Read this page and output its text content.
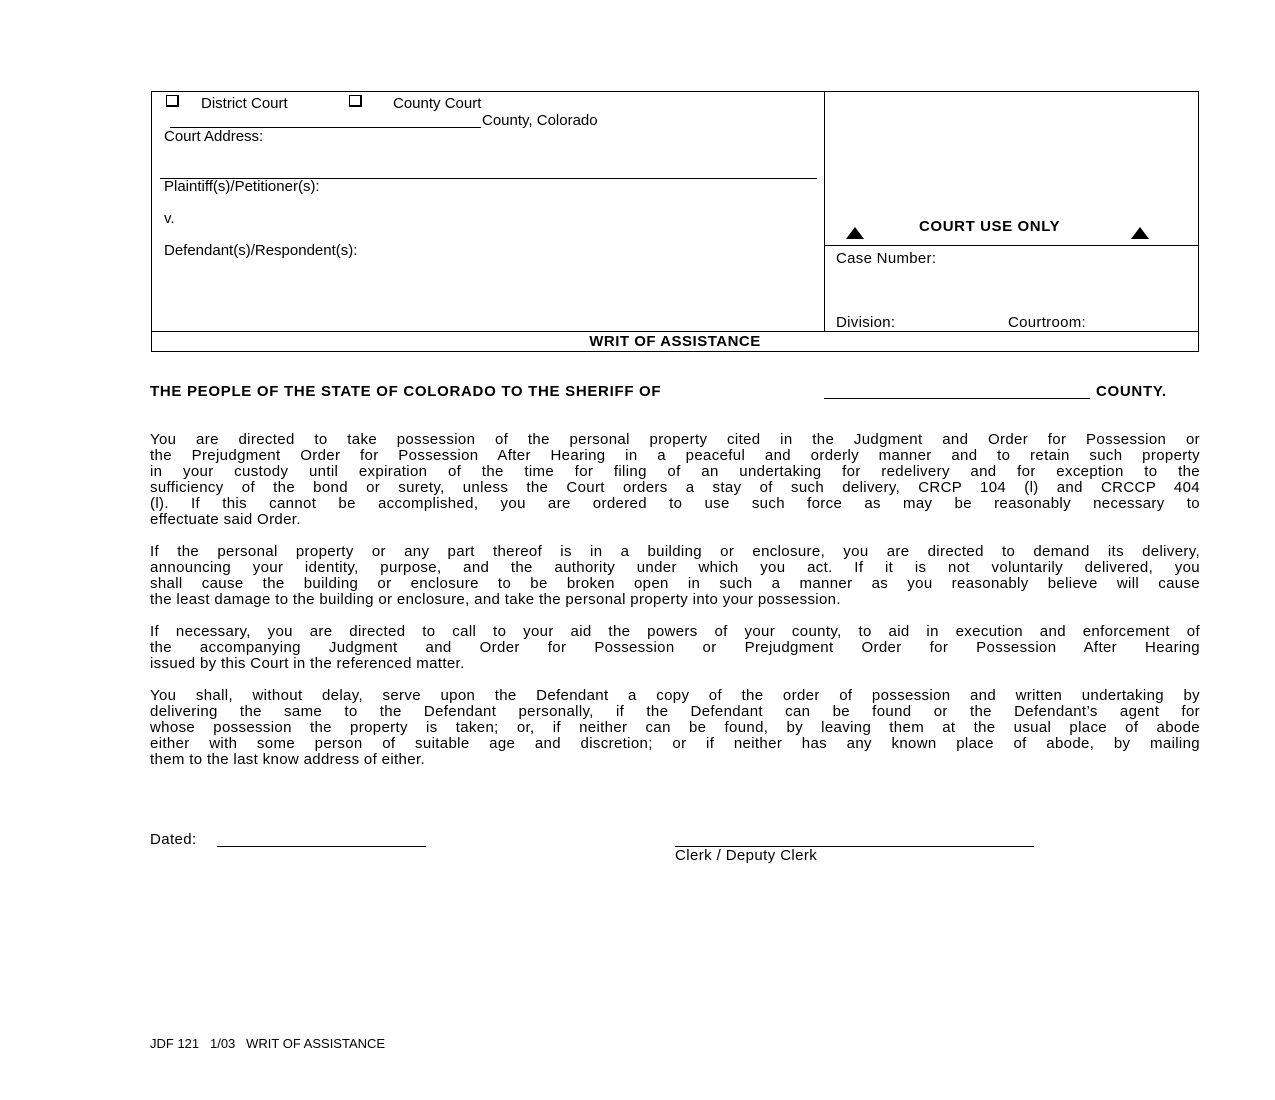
District Court	County Court
County, Colorado
Court Address:
Plaintiff(s)/Petitioner(s):
v.
Defendant(s)/Respondent(s):
COURT USE ONLY
Case Number:
Division:	Courtroom:
WRIT OF ASSISTANCE
THE PEOPLE OF THE STATE OF COLORADO TO THE SHERIFF OF	COUNTY.
You are directed to take possession of the personal property cited in the Judgment and Order for Possession or
the Prejudgment Order for Possession After Hearing in a peaceful and orderly manner and to retain such property
in your custody until expiration of the time for filing of an undertaking for redelivery and for exception to the
sufficiency of the bond or surety, unless the Court orders a stay of such delivery, CRCP 104 (l) and CRCCP 404
(l). If this cannot be accomplished, you are ordered to use such force as may be reasonably necessary to
effectuate said Order.
If the personal property or any part thereof is in a building or enclosure, you are directed to demand its delivery,
announcing your identity, purpose, and the authority under which you act. If it is not voluntarily delivered, you
shall cause the building or enclosure to be broken open in such a manner as you reasonably believe will cause
the least damage to the building or enclosure, and take the personal property into your possession.
If necessary, you are directed to call to your aid the powers of your county, to aid in execution and enforcement of
the accompanying Judgment and Order for Possession or Prejudgment Order for Possession After Hearing
issued by this Court in the referenced matter.
You shall, without delay, serve upon the Defendant a copy of the order of possession and written undertaking by
delivering the same to the Defendant personally, if the Defendant can be found or the Defendant’s agent for
whose possession the property is taken; or, if neither can be found, by leaving them at the usual place of abode
either with some person of suitable age and discretion; or if neither has any known place of abode, by mailing
them to the last know address of either.
Dated:
Clerk / Deputy Clerk
JDF 121 1/03 WRIT OF ASSISTANCE
